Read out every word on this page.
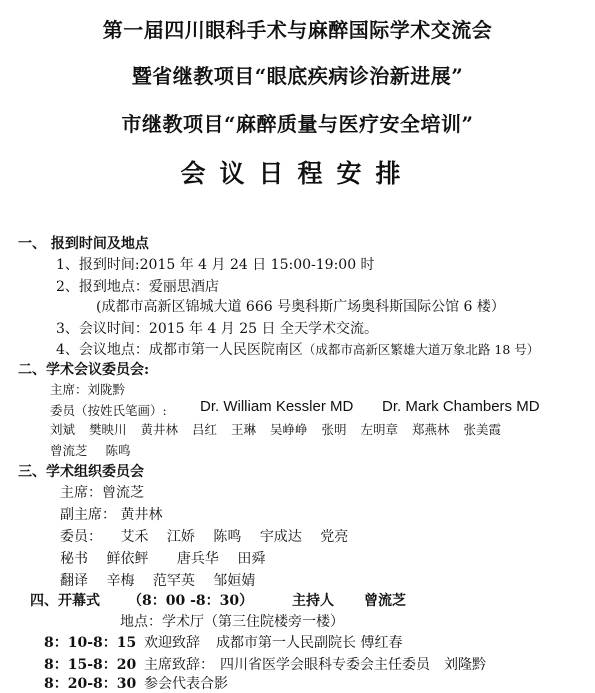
第一届四川眼科手术与麻醉国际学术交流会
暨省继教项目“眼底疾病诊治新进展”
市继教项目“麻醉质量与医疗安全培训”
会议日程安排
一、 报到时间及地点
1、报到时间:2015 年 4 月 24 日 15:00-19:00 时
2、报到地点：爱丽思酒店
(成都市高新区锦城大道 666 号奥科斯广场奥科斯国际公馆 6 楼）
3、会议时间：2015 年 4 月 25 日 全天学术交流。
4、会议地点：成都市第一人民医院南区（成都市高新区繁雄大道万象北路 18 号）
二、学术会议委员会:
主席：刘陇黔
委员（按姓氏笔画）: Dr. William Kessler MD Dr. Mark Chambers MD
刘斌 樊映川 黄井林 吕红 王琳 吴峥峥 张明 左明章 郑燕林 张美霞
曾流芝 陈鸣
三、学术组织委员会
主席：曾流芝
副主席： 黄井林
委员： 艾禾 江娇 陈鸣 宇成达 党亮
秘书 鲜依鲆 唐兵华 田舜
翻译 辛梅 范罕英 邹姮婧
四、开幕式 （8：00 -8：30）	主持人 曾流芝
地点：学术厅（第三住院楼旁一楼）
8：10-8：15 欢迎致辞 成都市第一人民副院长 傅红春
8：15-8：20 主席致辞： 四川省医学会眼科专委会主任委员　刘隆黔
8：20-8：30 参会代表合影
